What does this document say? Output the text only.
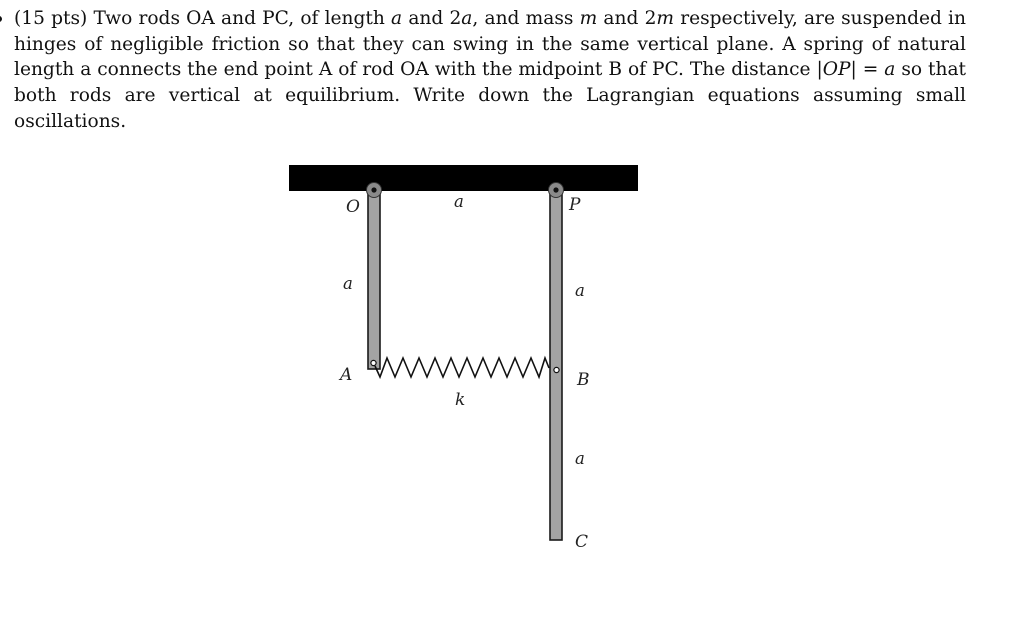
(15 pts) Two rods OA and PC, of length a and 2a, and mass m and 2m respectively, are suspended in hinges of negligible friction so that they can swing in the same vertical plane. A spring of natural length a connects the end point A of rod OA with the midpoint B of PC. The distance |OP| = a so that both rods are vertical at equilibrium. Write down the Lagrangian equations assuming small oscillations.
O	P
a
a	a
A	B
k
a
C
